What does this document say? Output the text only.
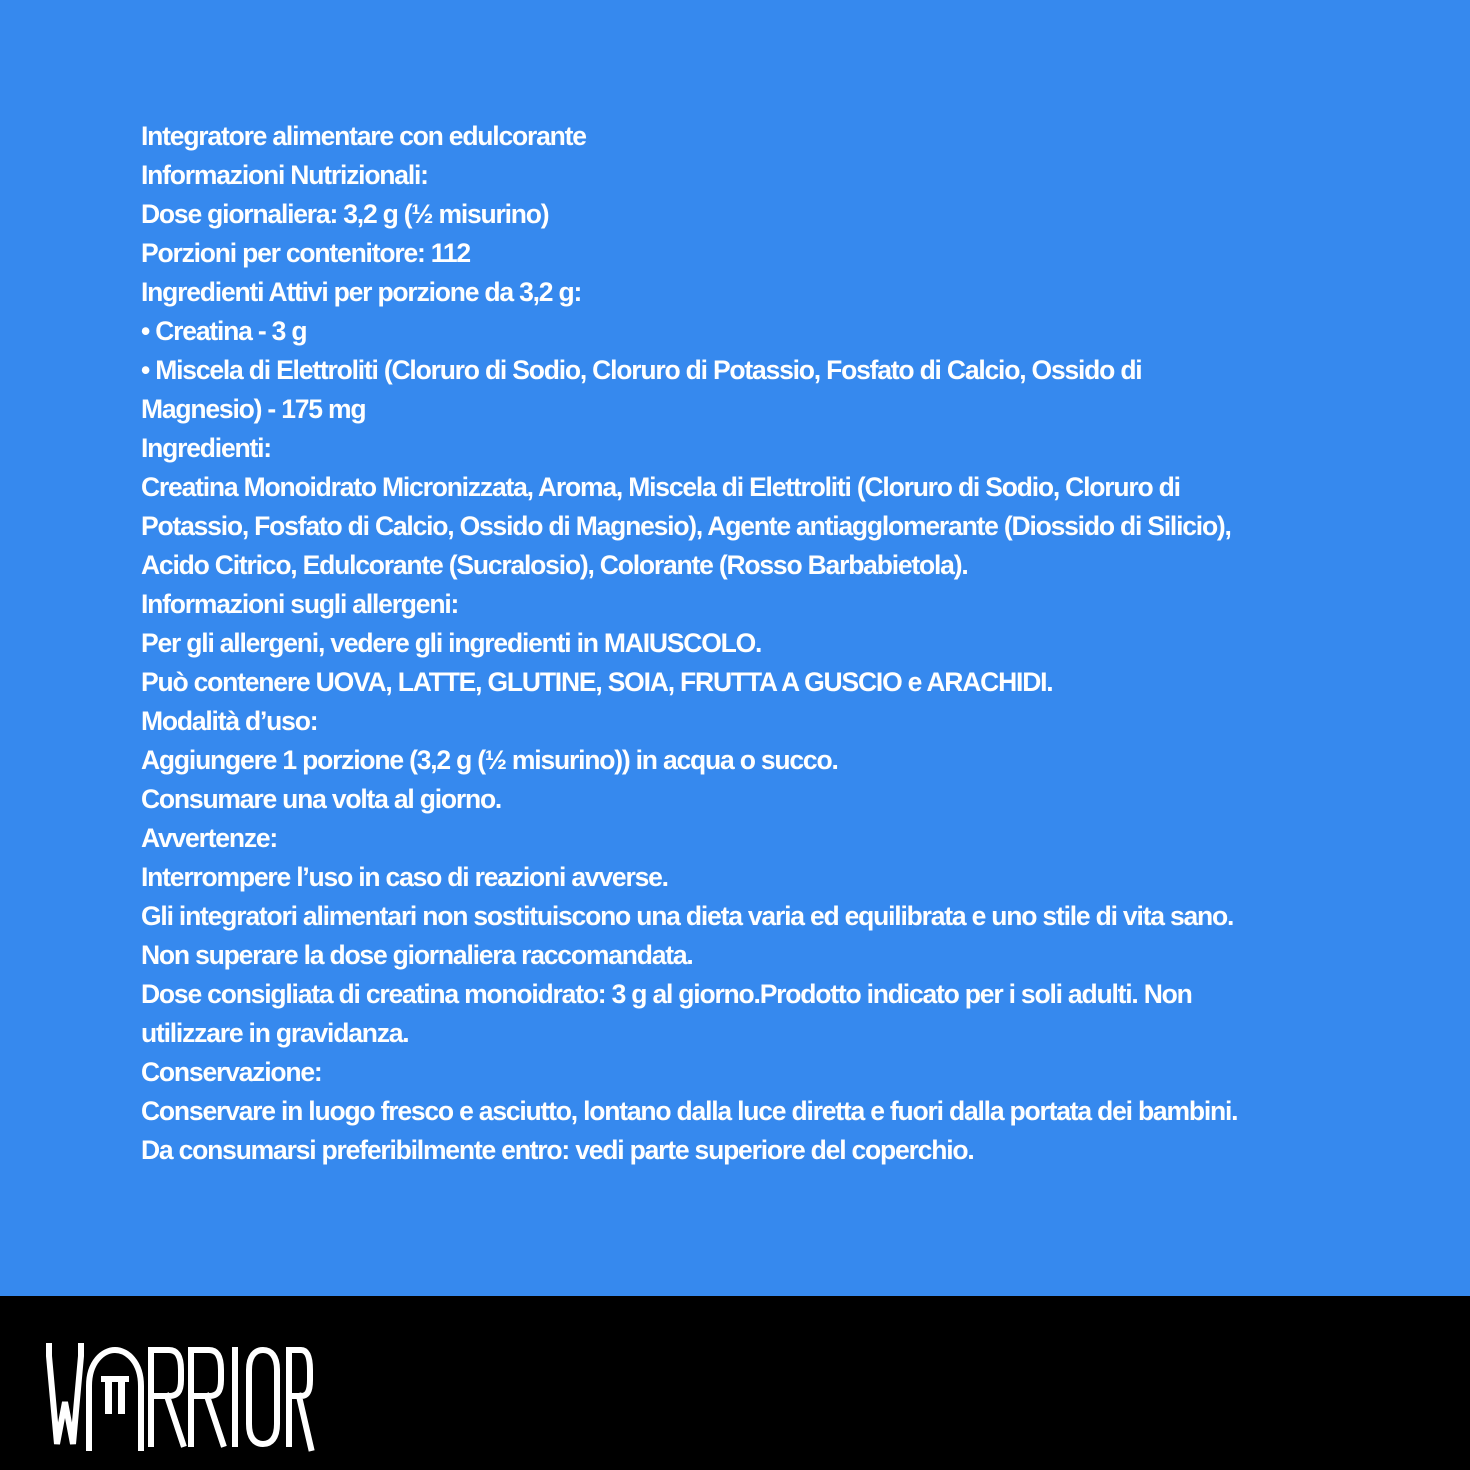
Integratore alimentare con edulcorante
Informazioni Nutrizionali:
Dose giornaliera: 3,2 g (½ misurino)
Porzioni per contenitore: 112
Ingredienti Attivi per porzione da 3,2 g:
• Creatina - 3 g
• Miscela di Elettroliti (Cloruro di Sodio, Cloruro di Potassio, Fosfato di Calcio, Ossido di
Magnesio) - 175 mg
Ingredienti:
Creatina Monoidrato Micronizzata, Aroma, Miscela di Elettroliti (Cloruro di Sodio, Cloruro di
Potassio, Fosfato di Calcio, Ossido di Magnesio), Agente antiagglomerante (Diossido di Silicio),
Acido Citrico, Edulcorante (Sucralosio), Colorante (Rosso Barbabietola).
Informazioni sugli allergeni:
Per gli allergeni, vedere gli ingredienti in MAIUSCOLO.
Può contenere UOVA, LATTE, GLUTINE, SOIA, FRUTTA A GUSCIO e ARACHIDI.
Modalità d’uso:
Aggiungere 1 porzione (3,2 g (½ misurino)) in acqua o succo.
Consumare una volta al giorno.
Avvertenze:
Interrompere l’uso in caso di reazioni avverse.
Gli integratori alimentari non sostituiscono una dieta varia ed equilibrata e uno stile di vita sano.
Non superare la dose giornaliera raccomandata.
Dose consigliata di creatina monoidrato: 3 g al giorno.Prodotto indicato per i soli adulti. Non
utilizzare in gravidanza.
Conservazione:
Conservare in luogo fresco e asciutto, lontano dalla luce diretta e fuori dalla portata dei bambini.
Da consumarsi preferibilmente entro: vedi parte superiore del coperchio.
